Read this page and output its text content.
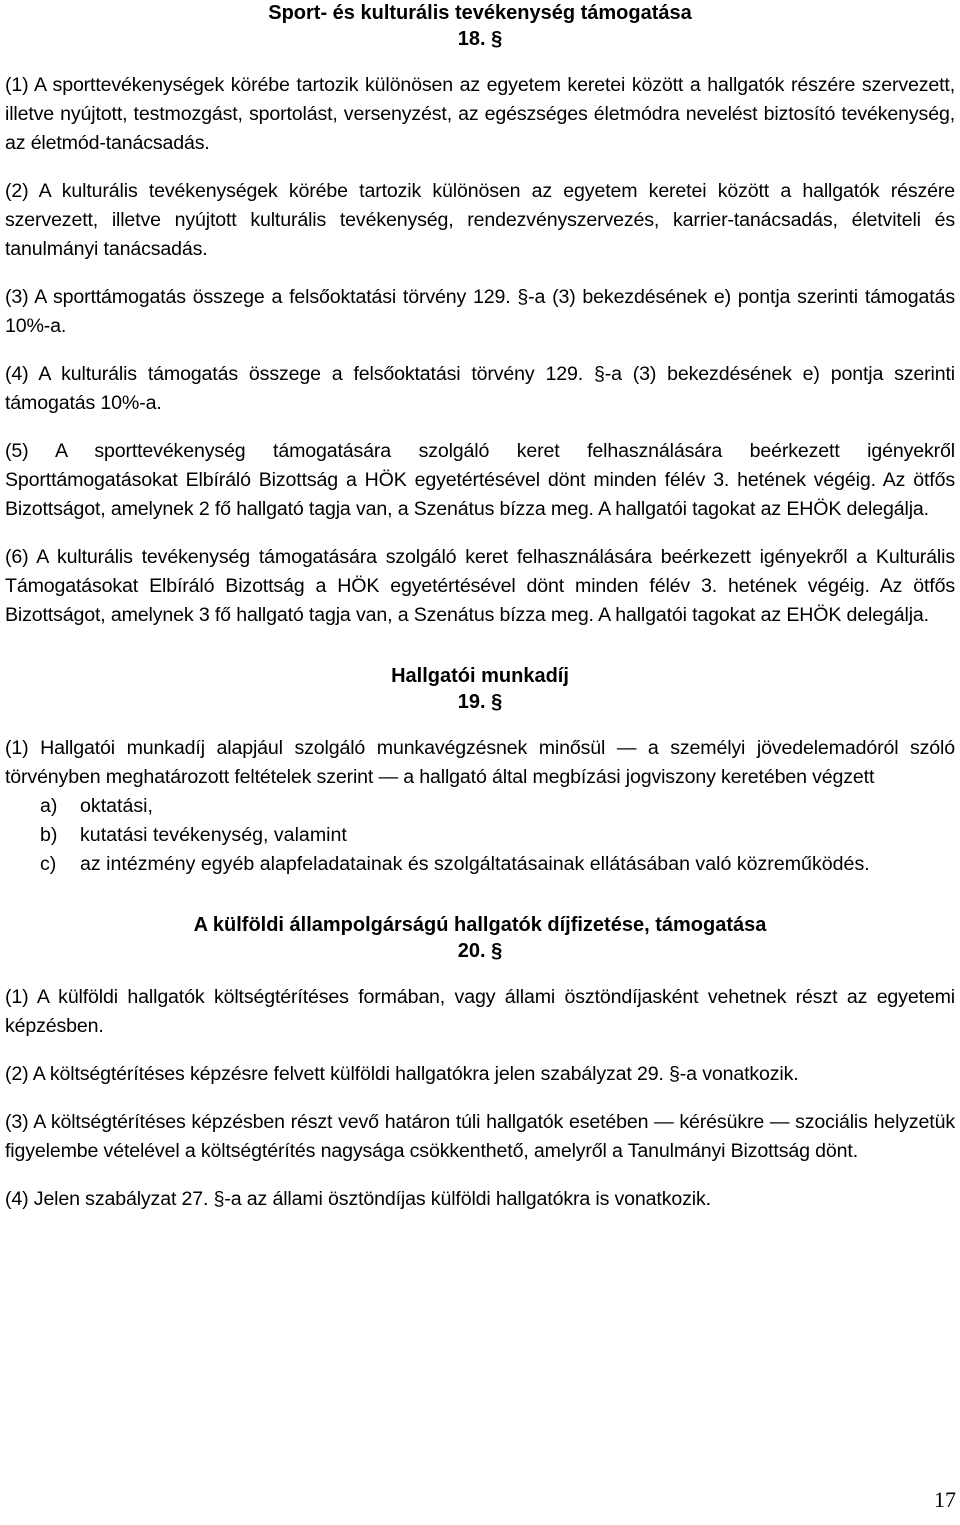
Sport- és kulturális tevékenység támogatása
18. §

(1) A sporttevékenységek körébe tartozik különösen az egyetem keretei között a hallgatók részére szervezett, illetve nyújtott, testmozgást, sportolást, versenyzést, az egészséges életmódra nevelést biztosító tevékenység, az életmód-tanácsadás.

(2) A kulturális tevékenységek körébe tartozik különösen az egyetem keretei között a hallgatók részére szervezett, illetve nyújtott kulturális tevékenység, rendezvényszervezés, karrier-tanácsadás, életviteli és tanulmányi tanácsadás.

(3) A sporttámogatás összege a felsőoktatási törvény 129. §-a (3) bekezdésének e) pontja szerinti támogatás 10%-a.

(4) A kulturális támogatás összege a felsőoktatási törvény 129. §-a (3) bekezdésének e) pontja szerinti támogatás 10%-a.

(5) A sporttevékenység támogatására szolgáló keret felhasználására beérkezett igényekről Sporttámogatásokat Elbíráló Bizottság a HÖK egyetértésével dönt minden félév 3. hetének végéig. Az ötfős Bizottságot, amelynek 2 fő hallgató tagja van, a Szenátus bízza meg. A hallgatói tagokat az EHÖK delegálja.

(6) A kulturális tevékenység támogatására szolgáló keret felhasználására beérkezett igényekről a Kulturális Támogatásokat Elbíráló Bizottság a HÖK egyetértésével dönt minden félév 3. hetének végéig. Az ötfős Bizottságot, amelynek 3 fő hallgató tagja van, a Szenátus bízza meg. A hallgatói tagokat az EHÖK delegálja.

Hallgatói munkadíj
19. §

(1) Hallgatói munkadíj alapjául szolgáló munkavégzésnek minősül — a személyi jövedelemadóról szóló törvényben meghatározott feltételek szerint — a hallgató által megbízási jogviszony keretében végzett

a) oktatási,
b) kutatási tevékenység, valamint
c) az intézmény egyéb alapfeladatainak és szolgáltatásainak ellátásában való közreműködés.
A külföldi állampolgárságú hallgatók díjfizetése, támogatása
20. §

(1) A külföldi hallgatók költségtérítéses formában, vagy állami ösztöndíjasként vehetnek részt az egyetemi képzésben.

(2) A költségtérítéses képzésre felvett külföldi hallgatókra jelen szabályzat 29. §-a vonatkozik.

(3) A költségtérítéses képzésben részt vevő határon túli hallgatók esetében — kérésükre — szociális helyzetük figyelembe vételével a költségtérítés nagysága csökkenthető, amelyről a Tanulmányi Bizottság dönt.

(4) Jelen szabályzat 27. §-a az állami ösztöndíjas külföldi hallgatókra is vonatkozik.

17
